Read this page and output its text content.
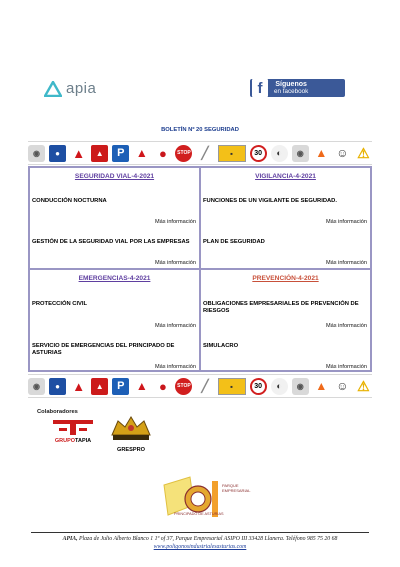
apia	f	Síguenos
en facebook
BOLETÍN Nº 20 SEGURIDAD
◉	● ▲	▲	P ▲ ●	STOP ╱	■	30	◐	◉ ▲ ☺ ⚠
SEGURIDAD VIAL-4-2021
CONDUCCIÓN NOCTURNA
Más información
GESTIÓN DE LA SEGURIDAD VIAL POR LAS EMPRESAS
Más información
VIGILANCIA-4-2021
FUNCIONES DE UN VIGILANTE DE SEGURIDAD.
Más información
PLAN DE SEGURIDAD
Más información
EMERGENCIAS-4-2021
PROTECCIÓN CIVIL
Más información
SERVICIO DE EMERGENCIAS DEL PRINCIPADO DE ASTURIAS
Más información
PREVENCIÓN-4-2021
OBLIGACIONES EMPRESARIALES DE PREVENCIÓN DE RIESGOS
Más información
SIMULACRO
Más información
◉	● ▲	▲	P ▲ ●	STOP ╱	■	30	◐	◉ ▲ ☺ ⚠
Colaboradores
GRUPOTAPIA
GRESPRO
PARQUE EMPRESARIAL
PRINCIPADO DE ASTURIAS
APIA, Plaza de Julio Alberto Blanco 1 1º of 37, Parque Empresarial ASIPO III 33428 Llanera. Teléfono 985 75 20 68
www.poligonosindustrialesasturias.com
